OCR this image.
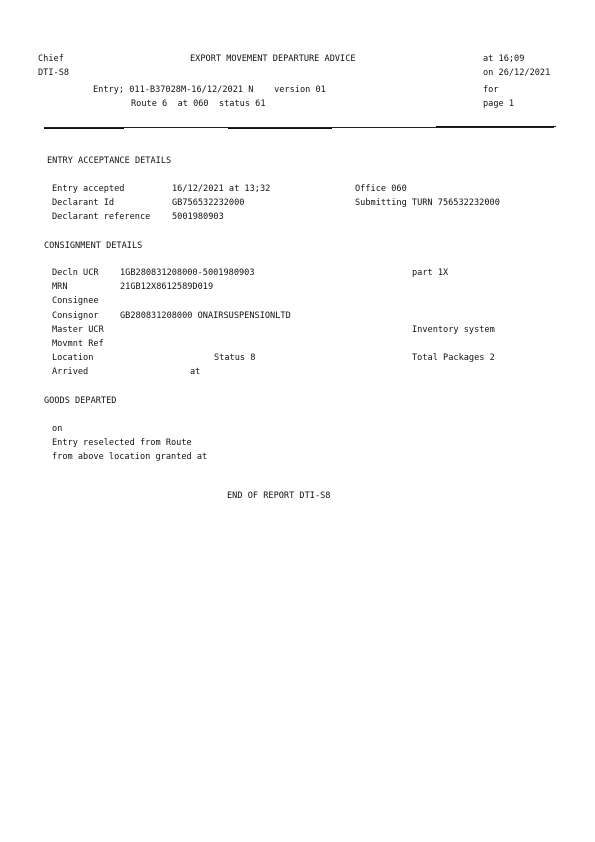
Chief
DTI-S8
EXPORT MOVEMENT DEPARTURE ADVICE
Entry; 011-B37028M-16/12/2021 N    version 01
Route 6  at 060  status 61
at 16;09
on 26/12/2021
for
page 1
ENTRY ACCEPTANCE DETAILS
Entry accepted	16/12/2021 at 13;32	Office 060
Declarant Id	GB756532232000	Submitting TURN 756532232000
Declarant reference	5001980903
CONSIGNMENT DETAILS
Decln UCR 1GB280831208000-5001980903	part 1X
MRN	21GB12X8612589D019
Consignee
Consignor GB280831208000 ONAIRSUSPENSIONLTD
Master UCR	Inventory system
Movmnt Ref
Location	Status 8	Total Packages 2
Arrived	at
GOODS DEPARTED
on
Entry reselected from Route
from above location granted at
END OF REPORT DTI-S8
